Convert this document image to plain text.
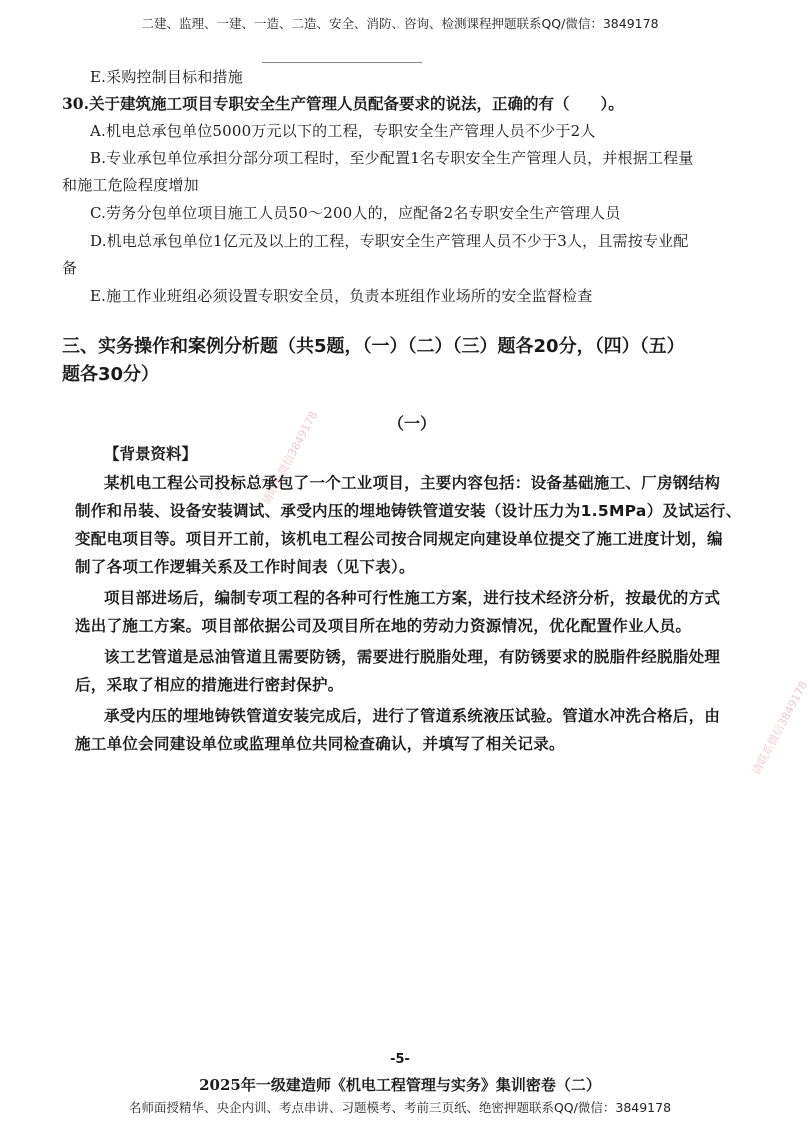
二建、监理、一建、一造、二造、安全、消防、咨询、检测课程押题联系QQ/微信：3849178
E.采购控制目标和措施
30.关于建筑施工项目专职安全生产管理人员配备要求的说法，正确的有（　　）。
A.机电总承包单位5000万元以下的工程，专职安全生产管理人员不少于2人
B.专业承包单位承担分部分项工程时，至少配置1名专职安全生产管理人员，并根据工程量
和施工危险程度增加
C.劳务分包单位项目施工人员50～200人的，应配备2名专职安全生产管理人员
D.机电总承包单位1亿元及以上的工程，专职安全生产管理人员不少于3人，且需按专业配
备
E.施工作业班组必须设置专职安全员，负责本班组作业场所的安全监督检查
三、实务操作和案例分析题（共5题，（一）（二）（三）题各20分，（四）（五）
题各30分）
（一）
【背景资料】
某机电工程公司投标总承包了一个工业项目，主要内容包括：设备基础施工、厂房钢结构
制作和吊装、设备安装调试、承受内压的埋地铸铁管道安装（设计压力为1.5MPa）及试运行、
变配电项目等。项目开工前，该机电工程公司按合同规定向建设单位提交了施工进度计划，编
制了各项工作逻辑关系及工作时间表（见下表）。
项目部进场后，编制专项工程的各种可行性施工方案，进行技术经济分析，按最优的方式
选出了施工方案。项目部依据公司及项目所在地的劳动力资源情况，优化配置作业人员。
该工艺管道是忌油管道且需要防锈，需要进行脱脂处理，有防锈要求的脱脂件经脱脂处理
后，采取了相应的措施进行密封保护。
承受内压的埋地铸铁管道安装完成后，进行了管道系统液压试验。管道水冲洗合格后，由
施工单位会同建设单位或监理单位共同检查确认，并填写了相关记录。
请联系微信3849178
请联系微信3849178
-5-
2025年一级建造师《机电工程管理与实务》集训密卷（二）
名师面授精华、央企内训、考点串讲、习题模考、考前三页纸、绝密押题联系QQ/微信：3849178
